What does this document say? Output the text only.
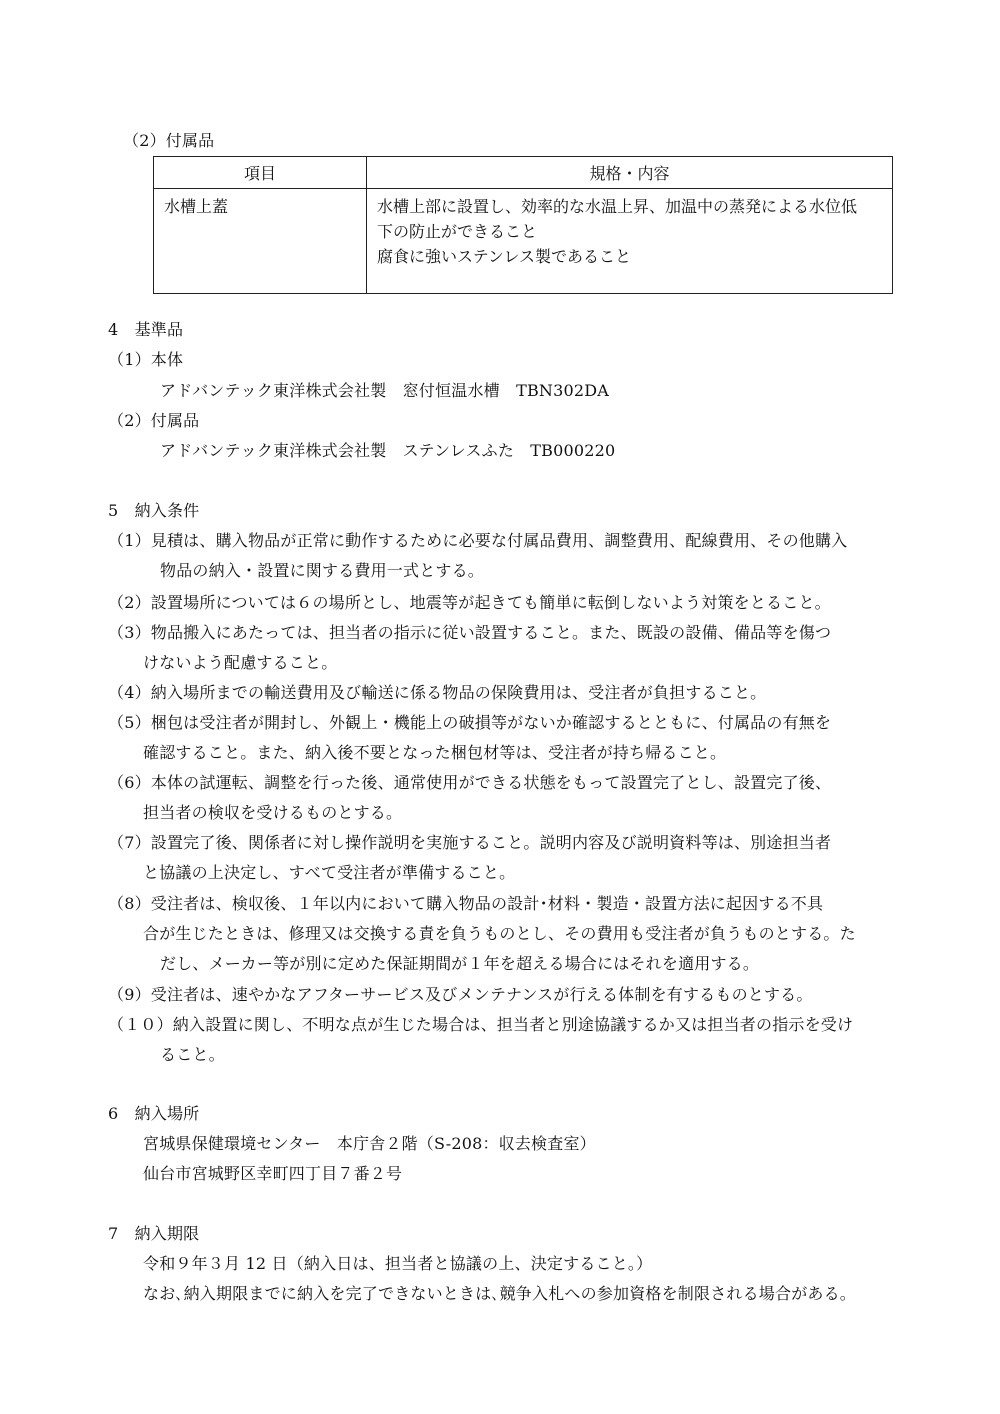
（2）付属品
項目	規格・内容

水槽上蓋	水槽上部に設置し、効率的な水温上昇、加温中の蒸発による水位低
下の防止ができること
腐食に強いステンレス製であること
4　基準品
（1）本体
アドバンテック東洋株式会社製　窓付恒温水槽　TBN302DA
（2）付属品
アドバンテック東洋株式会社製　ステンレスふた　TB000220
5　納入条件
（1）見積は、購入物品が正常に動作するために必要な付属品費用、調整費用、配線費用、その他購入
物品の納入・設置に関する費用一式とする。
（2）設置場所については６の場所とし、地震等が起きても簡単に転倒しないよう対策をとること。
（3）物品搬入にあたっては、担当者の指示に従い設置すること。また、既設の設備、備品等を傷つ
けないよう配慮すること。
（4）納入場所までの輸送費用及び輸送に係る物品の保険費用は、受注者が負担すること。
（5）梱包は受注者が開封し、外観上・機能上の破損等がないか確認するとともに、付属品の有無を
確認すること。また、納入後不要となった梱包材等は、受注者が持ち帰ること。
（6）本体の試運転、調整を行った後、通常使用ができる状態をもって設置完了とし、設置完了後、
担当者の検収を受けるものとする。
（7）設置完了後、関係者に対し操作説明を実施すること。説明内容及び説明資料等は、別途担当者
と協議の上決定し、すべて受注者が準備すること。
（8）受注者は、検収後、１年以内において購入物品の設計･材料・製造・設置方法に起因する不具
合が生じたときは、修理又は交換する責を負うものとし、その費用も受注者が負うものとする。た
だし、メーカー等が別に定めた保証期間が１年を超える場合にはそれを適用する。
（9）受注者は、速やかなアフターサービス及びメンテナンスが行える体制を有するものとする。
（１０）納入設置に関し、不明な点が生じた場合は、担当者と別途協議するか又は担当者の指示を受け
ること。
6　納入場所
宮城県保健環境センター　本庁舎２階（S-208：収去検査室）
仙台市宮城野区幸町四丁目７番２号
7　納入期限
令和９年３月 12 日（納入日は、担当者と協議の上、決定すること。）
なお､納入期限までに納入を完了できないときは､競争入札への参加資格を制限される場合がある。
